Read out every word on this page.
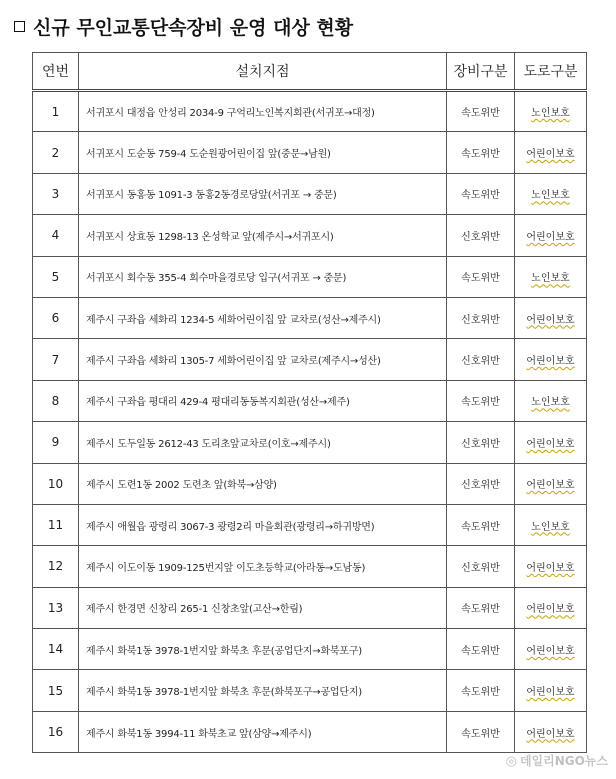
신규 무인교통단속장비 운영 대상 현황
연번	설치지점	장비구분	도로구분
1	서귀포시 대정읍 안성리 2034-9 구억리노인복지회관(서귀포→대정)	속도위반	노인보호
2	서귀포시 도순동 759-4 도순원광어린이집 앞(중문→남원)	속도위반	어린이보호
3	서귀포시 동홍동 1091-3 동홍2동경로당앞(서귀포 → 중문)	속도위반	노인보호
4	서귀포시 상효동 1298-13 온성학교 앞(제주시→서귀포시)	신호위반	어린이보호
5	서귀포시 회수동 355-4 회수마을경로당 입구(서귀포 → 중문)	속도위반	노인보호
6	제주시 구좌읍 세화리 1234-5 세화어린이집 앞 교차로(성산→제주시)	신호위반	어린이보호
7	제주시 구좌읍 세화리 1305-7 세화어린이집 앞 교차로(제주시→성산)	신호위반	어린이보호
8	제주시 구좌읍 평대리 429-4 평대리동동복지회관(성산→제주)	속도위반	노인보호
9	제주시 도두일동 2612-43 도리초앞교차로(이호→제주시)	신호위반	어린이보호
10	제주시 도련1동 2002 도련초 앞(화북→삼양)	신호위반	어린이보호
11	제주시 애월읍 광령리 3067-3 광령2리 마을회관(광령리→하귀방면)	속도위반	노인보호
12	제주시 이도이동 1909-125번지앞 이도초등학교(아라동→도남동)	신호위반	어린이보호
13	제주시 한경면 신창리 265-1 신창초앞(고산→한림)	속도위반	어린이보호
14	제주시 화북1동 3978-1번지앞 화북초 후문(공업단지→화북포구)	속도위반	어린이보호
15	제주시 화북1동 3978-1번지앞 화북초 후문(화북포구→공업단지)	속도위반	어린이보호
16	제주시 화북1동 3994-11 화북초교 앞(삼양→제주시)	속도위반	어린이보호
◎ 데일리NGO뉴스
